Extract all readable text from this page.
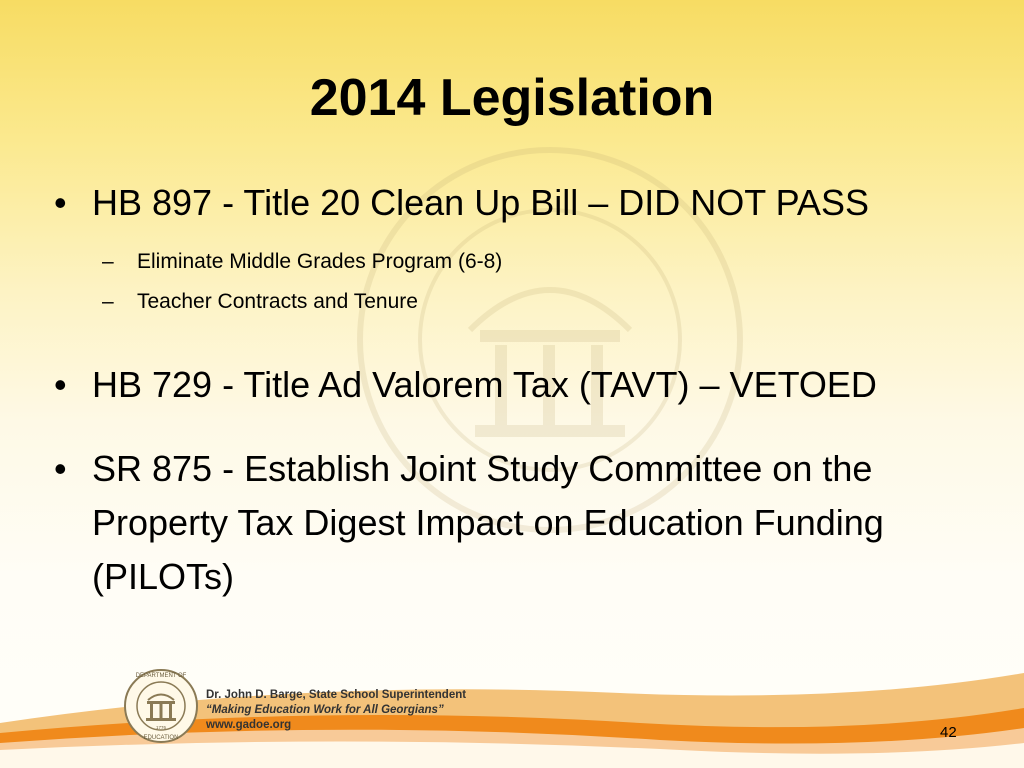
2014 Legislation
• HB 897 - Title 20 Clean Up Bill – DID NOT PASS
– Eliminate Middle Grades Program (6-8)
– Teacher Contracts and Tenure
• HB 729 - Title Ad Valorem Tax (TAVT) – VETOED
• SR 875 - Establish Joint Study Committee on the Property Tax Digest Impact on Education Funding (PILOTs)
DEPARTMENT OF
EDUCATION
1776
Dr. John D. Barge, State School Superintendent
“Making Education Work for All Georgians”
www.gadoe.org	42
